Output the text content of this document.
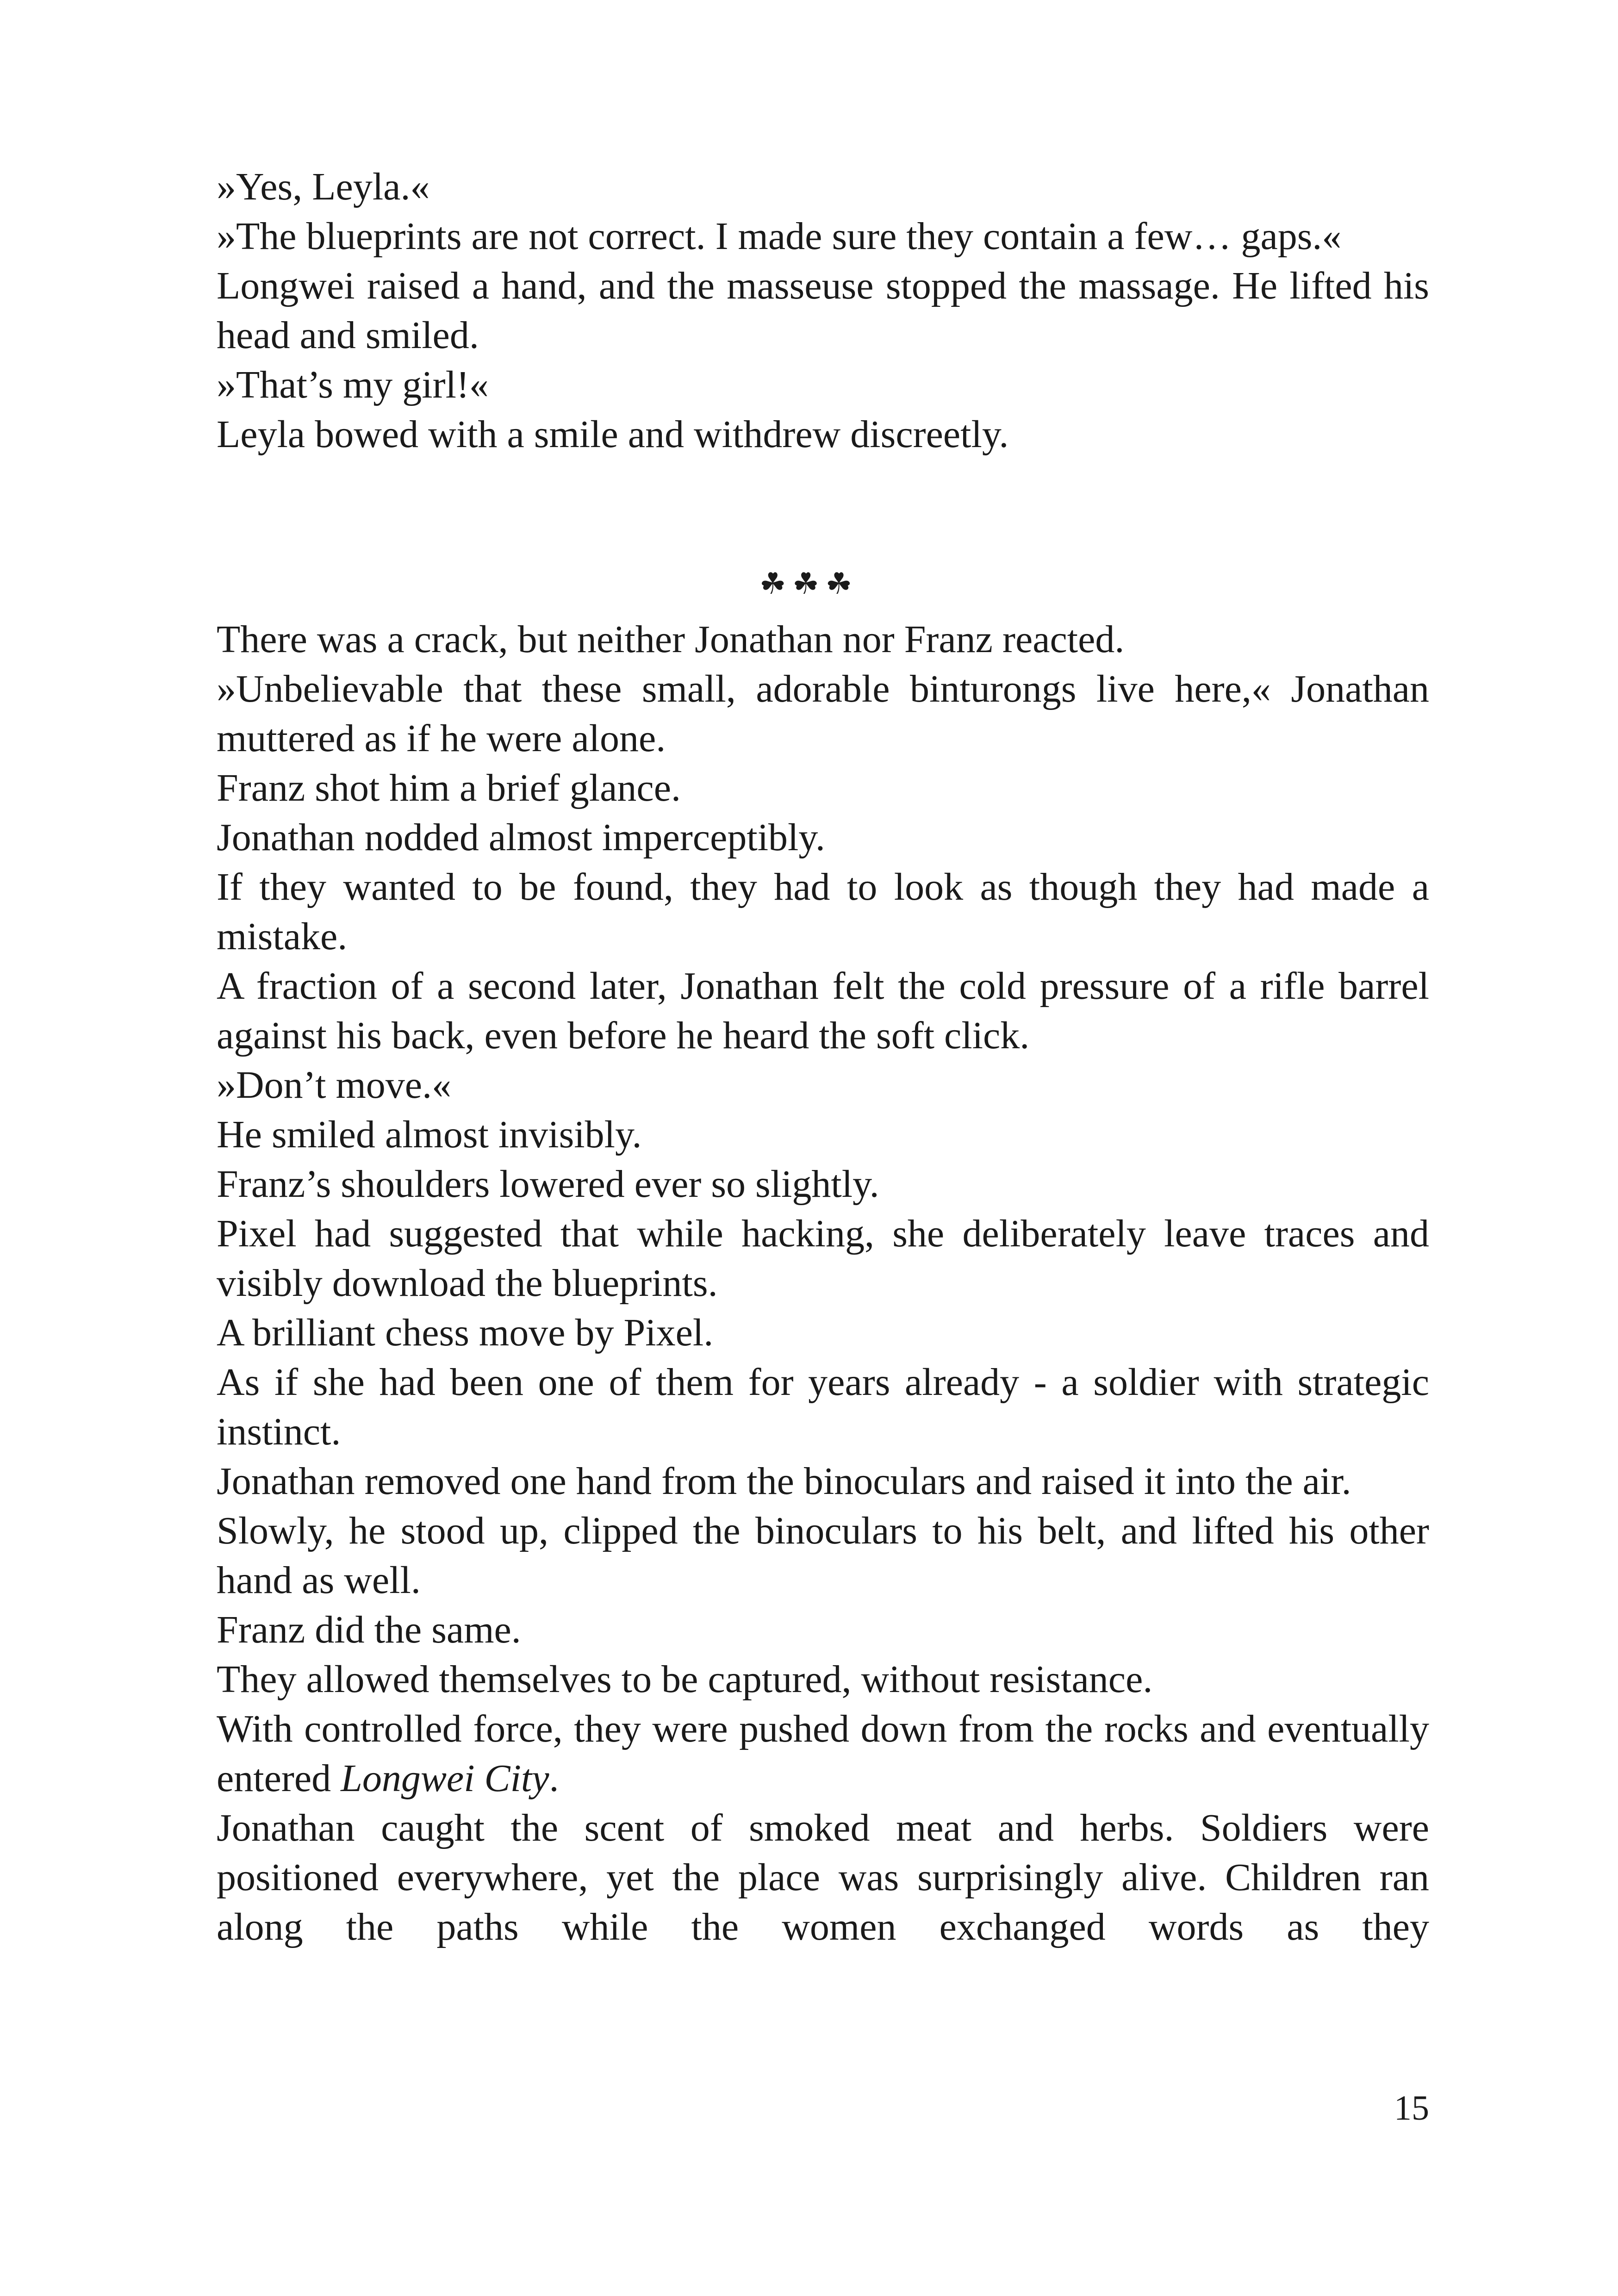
»Yes, Leyla.«

»The blueprints are not correct. I made sure they contain a few… gaps.«

Longwei raised a hand, and the masseuse stopped the massage. He lifted his head and smiled.

»That’s my girl!«

Leyla bowed with a smile and withdrew discreetly.

☘☘☘

There was a crack, but neither Jonathan nor Franz reacted.

»Unbelievable that these small, adorable binturongs live here,« Jonathan muttered as if he were alone.

Franz shot him a brief glance.

Jonathan nodded almost imperceptibly.

If they wanted to be found, they had to look as though they had made a mistake.

A fraction of a second later, Jonathan felt the cold pressure of a rifle barrel against his back, even before he heard the soft click.

»Don’t move.«

He smiled almost invisibly.

Franz’s shoulders lowered ever so slightly.

Pixel had suggested that while hacking, she deliberately leave traces and visibly download the blueprints.

A brilliant chess move by Pixel.

As if she had been one of them for years already - a soldier with strategic instinct.

Jonathan removed one hand from the binoculars and raised it into the air.

Slowly, he stood up, clipped the binoculars to his belt, and lifted his other hand as well.

Franz did the same.

They allowed themselves to be captured, without resistance.

With controlled force, they were pushed down from the rocks and eventually entered Longwei City.

Jonathan caught the scent of smoked meat and herbs. Soldiers were positioned everywhere, yet the place was surprisingly alive. Children ran along the paths while the women exchanged words as they

15
